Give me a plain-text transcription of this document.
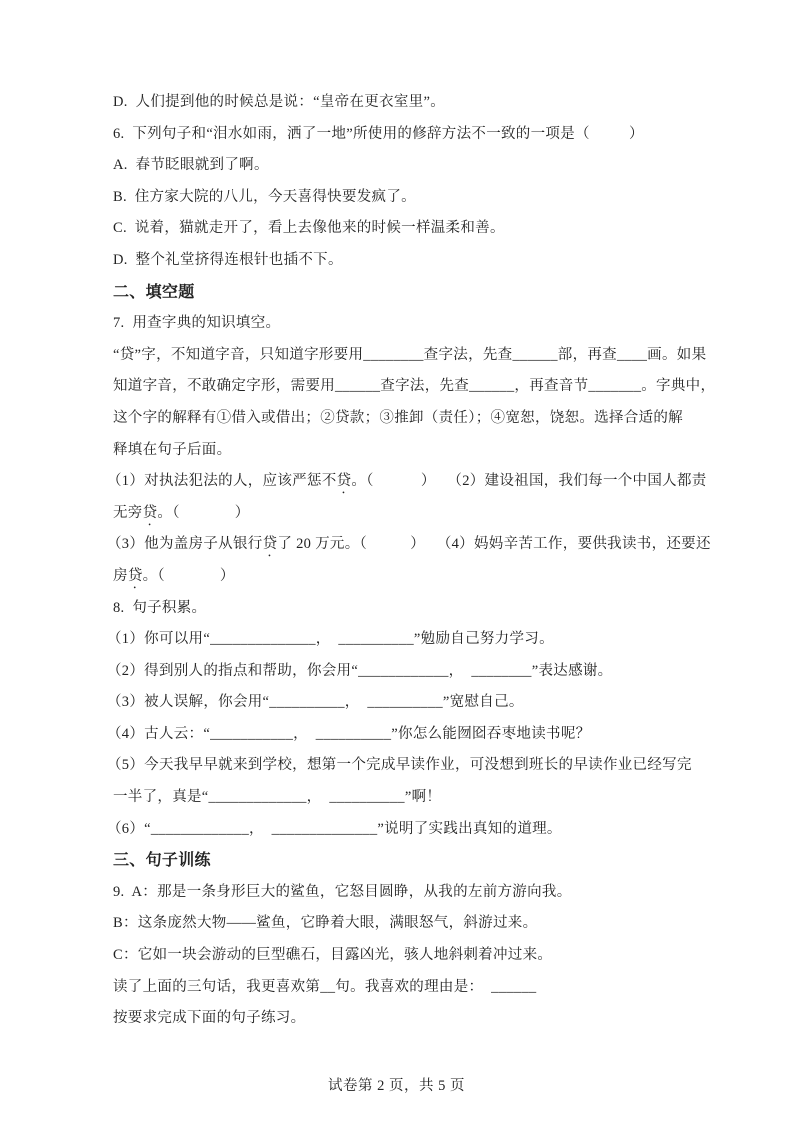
D.  人们提到他的时候总是说：“皇帝在更衣室里”。
6.  下列句子和“泪水如雨，洒了一地”所使用的修辞方法不一致的一项是（          ）
A.  春节眨眼就到了啊。
B.  住方家大院的八儿，今天喜得快要发疯了。
C.  说着，猫就走开了，看上去像他来的时候一样温柔和善。
D.  整个礼堂挤得连根针也插不下。
二、填空题
7.  用查字典的知识填空。
“贷”字，不知道字音，只知道字形要用________查字法，先查______部，再查____画。如果
知道字音，不敢确定字形，需要用______查字法，先查______，再查音节_______。字典中，
这个字的解释有①借入或借出；②贷款；③推卸（责任）；④宽恕，饶恕。选择合适的解
释填在句子后面。
（1）对执法犯法的人，应该严惩不贷。（            ）   （2）建设祖国，我们每一个中国人都责
无旁贷。（              ）
（3）他为盖房子从银行贷了 20 万元。（           ）   （4）妈妈辛苦工作，要供我读书，还要还
房贷。（              ）
8.  句子积累。
（1）你可以用“______________，  __________”勉励自己努力学习。
（2）得到别人的指点和帮助，你会用“____________，  ________”表达感谢。
（3）被人误解，你会用“__________，  __________”宽慰自己。
（4）古人云：“___________，  __________”你怎么能囫囵吞枣地读书呢？
（5）今天我早早就来到学校，想第一个完成早读作业，可没想到班长的早读作业已经写完
一半了，真是“_____________，  __________”啊！
（6）“_____________，  ______________”说明了实践出真知的道理。
三、句子训练
9.  A：那是一条身形巨大的鲨鱼，它怒目圆睁，从我的左前方游向我。
B：这条庞然大物——鲨鱼，它睁着大眼，满眼怒气，斜游过来。
C：它如一块会游动的巨型礁石，目露凶光，骇人地斜刺着冲过来。
读了上面的三句话，我更喜欢第__句。我喜欢的理由是：  ______
按要求完成下面的句子练习。
试卷第 2 页，共 5 页
